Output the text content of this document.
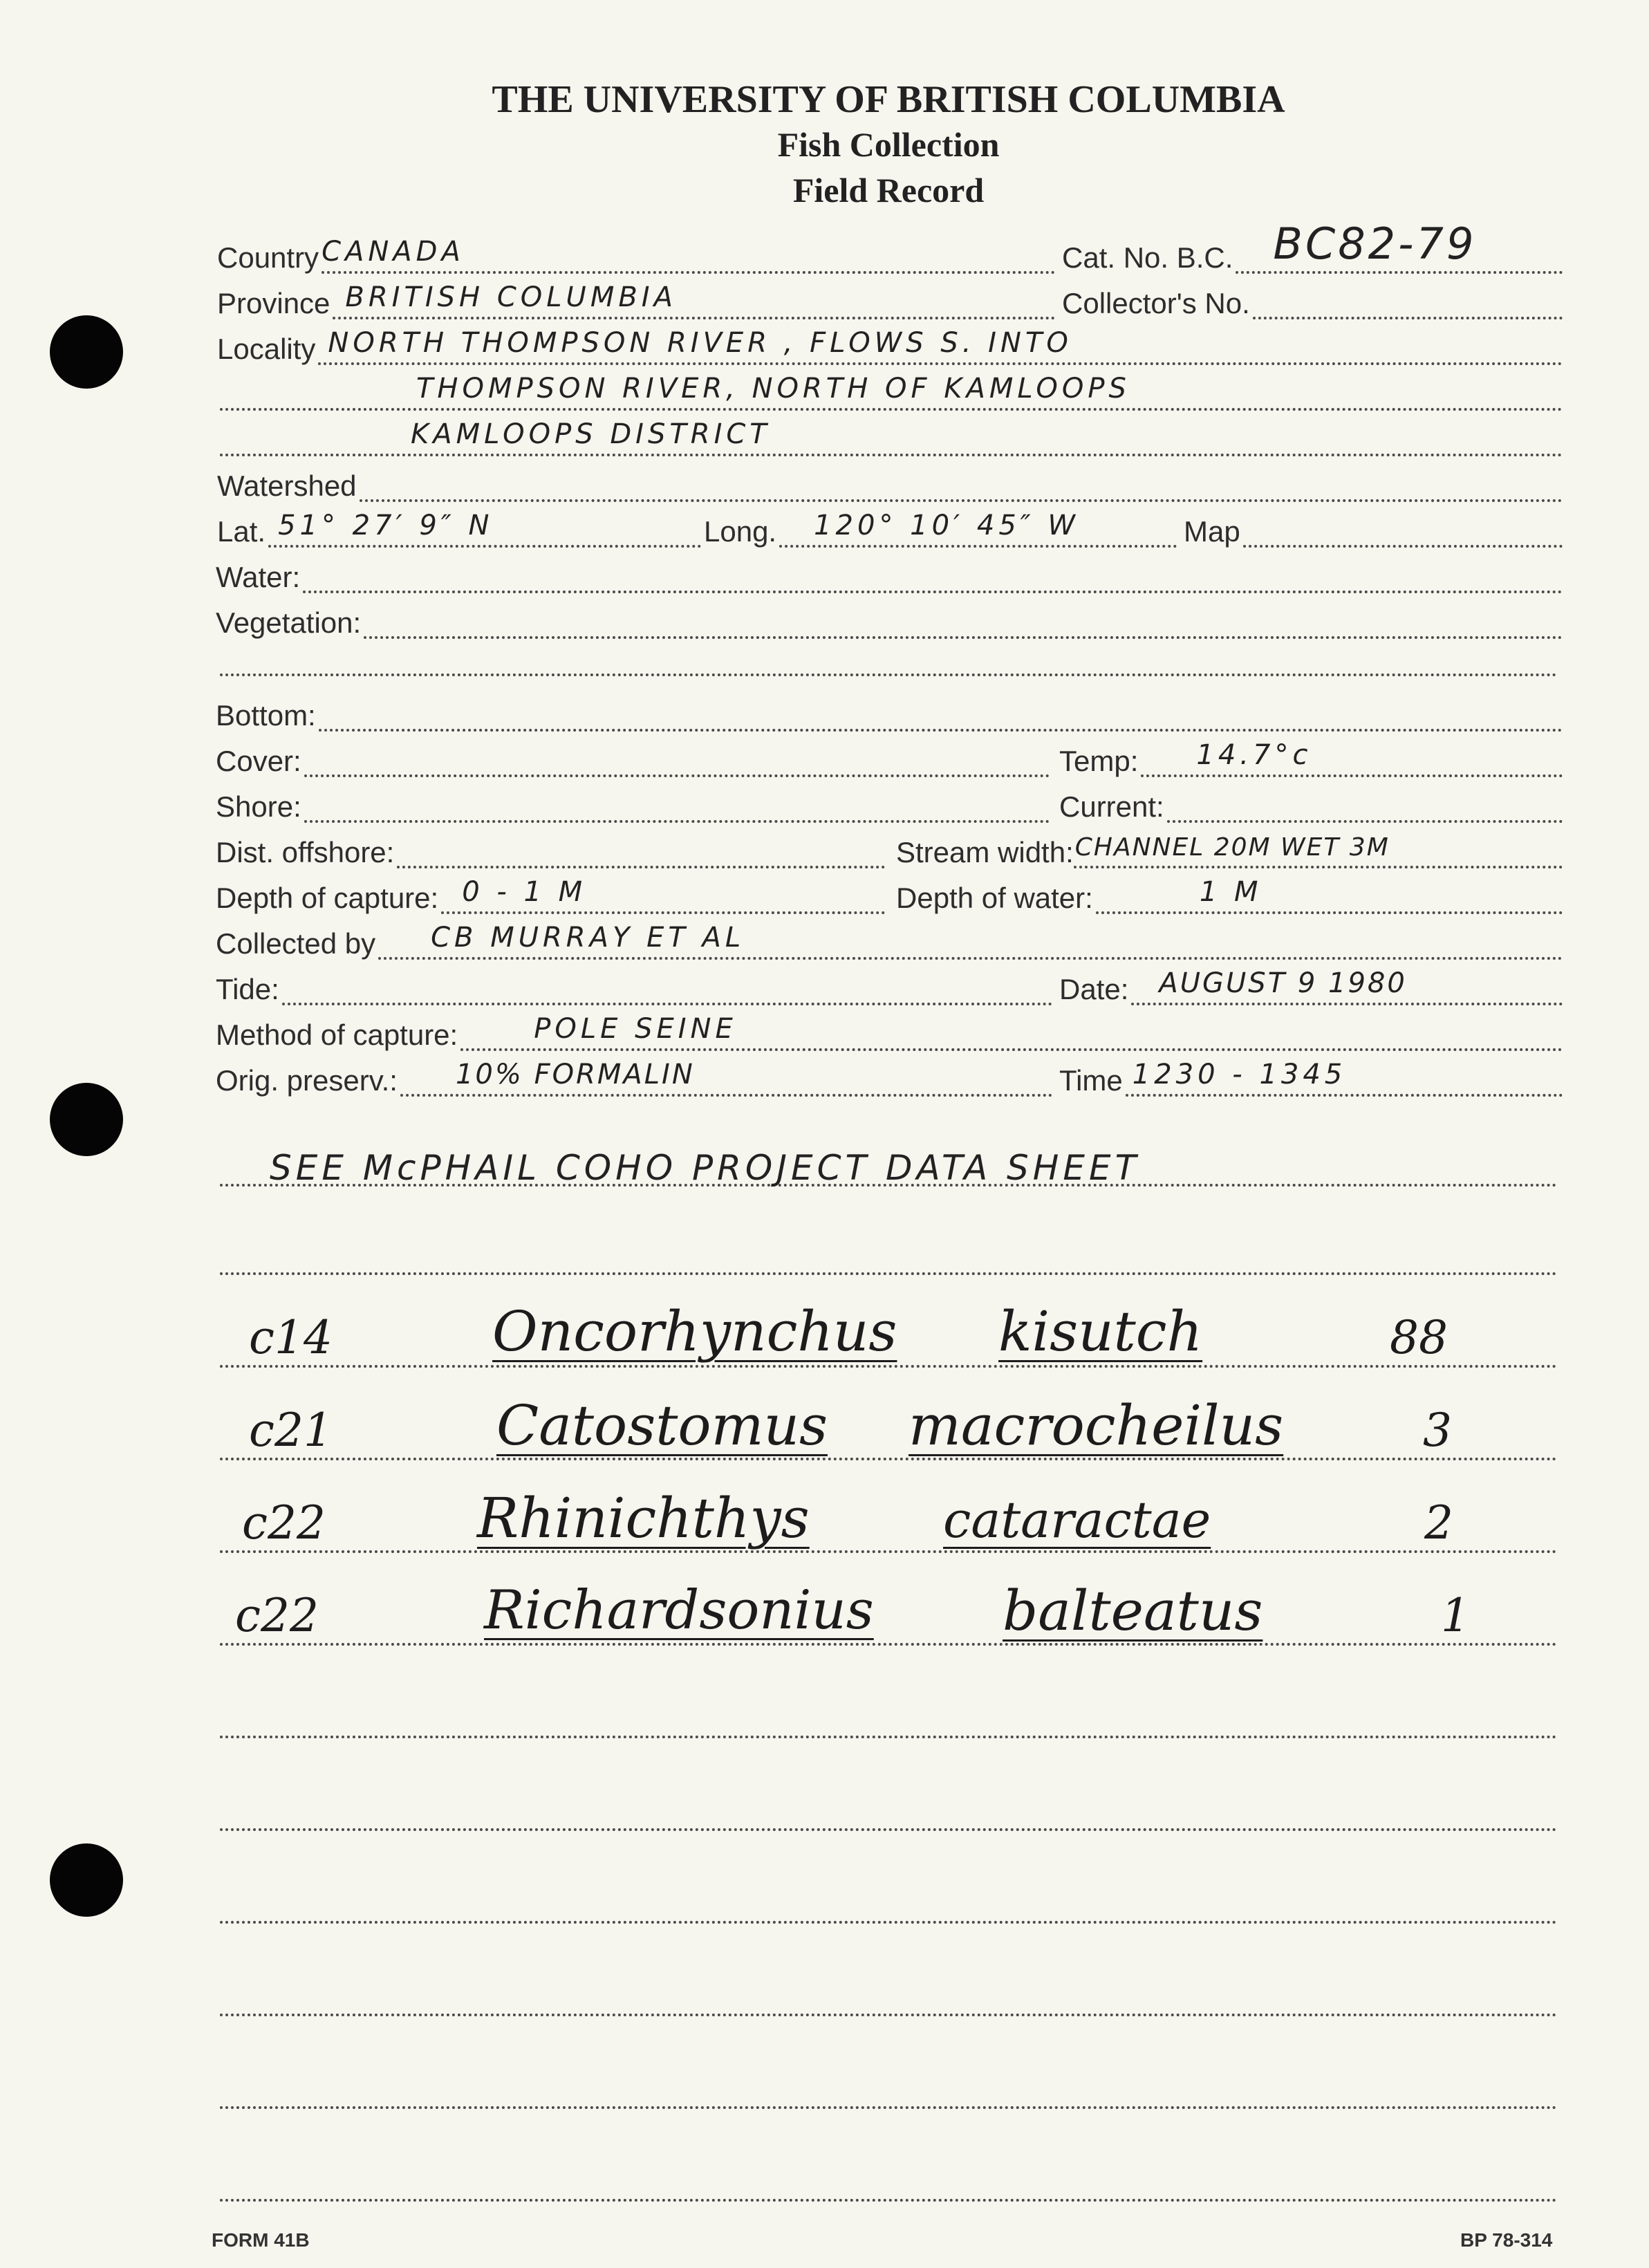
THE UNIVERSITY OF BRITISH COLUMBIA
Fish Collection
Field Record
Country CANADA	Cat. No. B.C. BC82-79
Province BRITISH COLUMBIA	Collector's No.
Locality NORTH THOMPSON RIVER , FLOWS S. INTO
THOMPSON RIVER, NORTH OF KAMLOOPS
KAMLOOPS DISTRICT
Watershed
Lat. 51° 27′ 9″ N	Long. 120° 10′ 45″ W	Map
Water:
Vegetation:
Bottom:
Cover:	Temp: 14.7°c
Shore:	Current:
Dist. offshore:	Stream width: CHANNEL 20M WET 3M
Depth of capture: 0 - 1 M	Depth of water:	1 M
Collected by CB MURRAY ET AL
Tide:	Date: AUGUST 9 1980
Method of capture:	POLE SEINE
Orig. preserv.: 10% FORMALIN	Time 1230 - 1345
SEE McPHAIL COHO PROJECT DATA SHEET
c14	Oncorhynchus kisutch	88
c21	Catostomus macrocheilus	3
c22	Rhinichthys	cataractae	2
c22	Richardsonius balteatus	1
FORM 41B	BP 78-314
